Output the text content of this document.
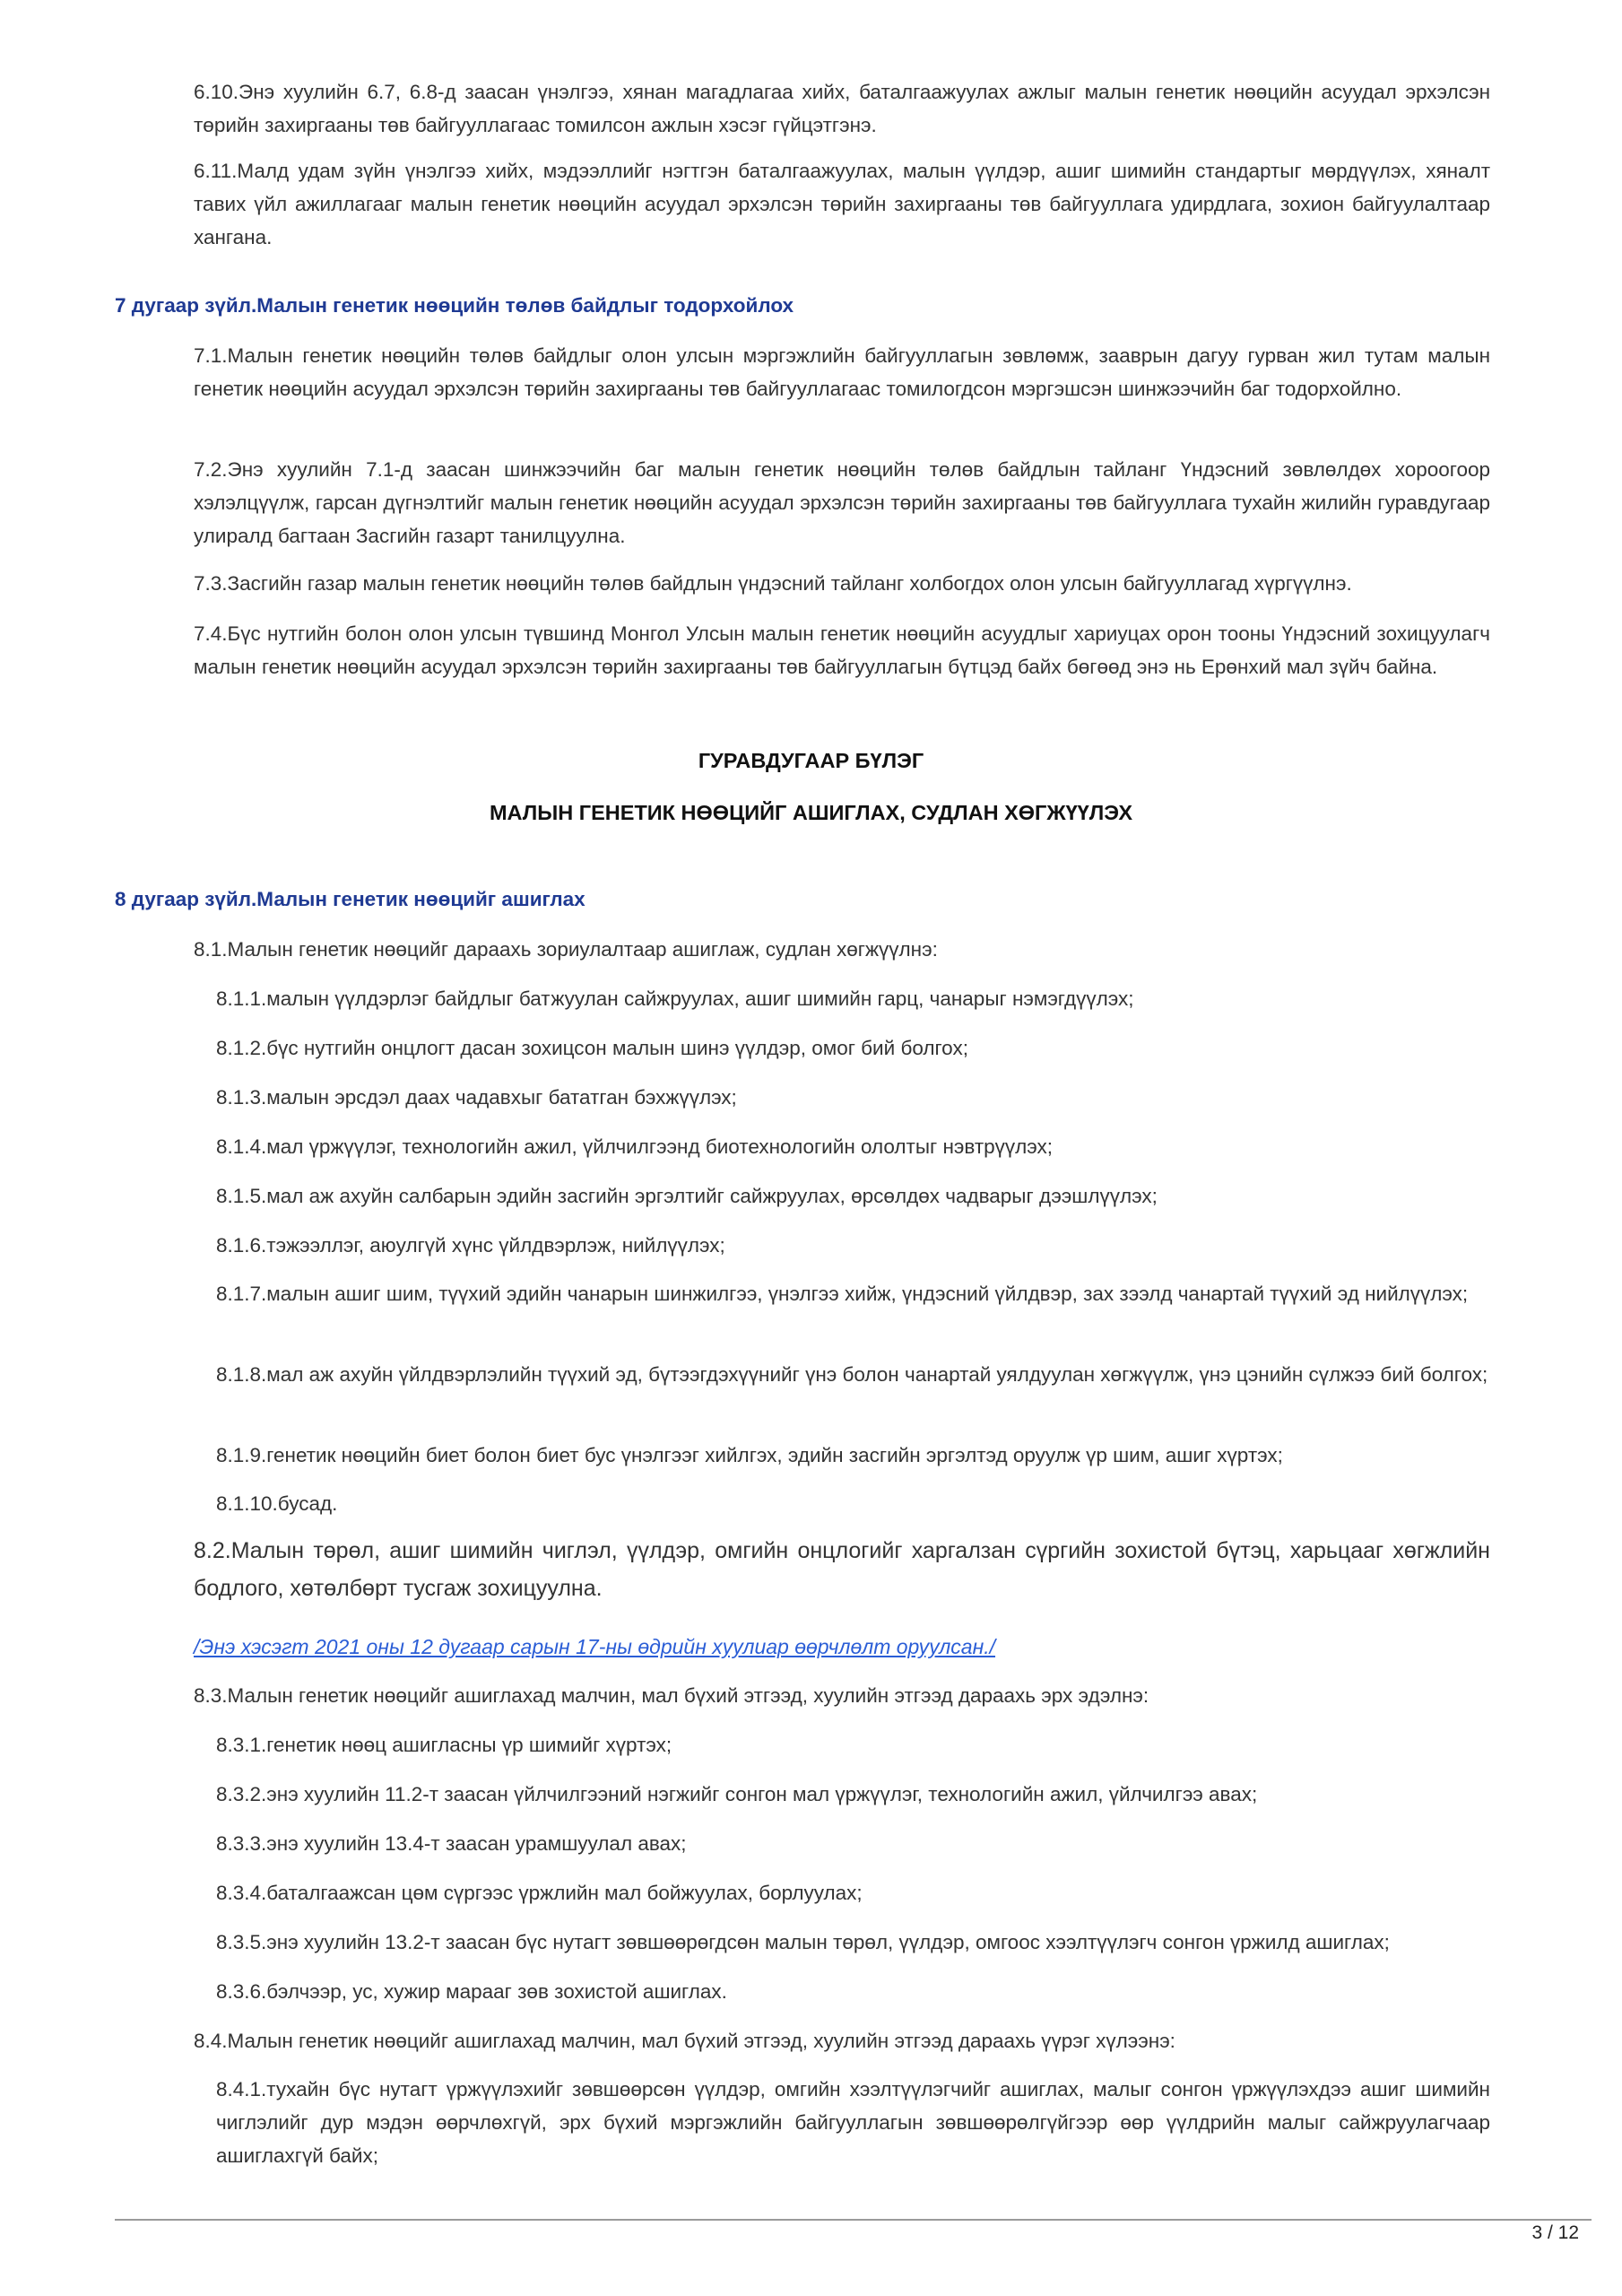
6.10.Энэ хуулийн 6.7, 6.8-д заасан үнэлгээ, хянан магадлагаа хийх, баталгаажуулах ажлыг малын генетик нөөцийн асуудал эрхэлсэн төрийн захиргааны төв байгууллагаас томилсон ажлын хэсэг гүйцэтгэнэ.

6.11.Малд удам зүйн үнэлгээ хийх, мэдээллийг нэгтгэн баталгаажуулах, малын үүлдэр, ашиг шимийн стандартыг мөрдүүлэх, хяналт тавих үйл ажиллагааг малын генетик нөөцийн асуудал эрхэлсэн төрийн захиргааны төв байгууллага удирдлага, зохион байгуулалтаар хангана.

7 дугаар зүйл.Малын генетик нөөцийн төлөв байдлыг тодорхойлох

7.1.Малын генетик нөөцийн төлөв байдлыг олон улсын мэргэжлийн байгууллагын зөвлөмж, зааврын дагуу гурван жил тутам малын генетик нөөцийн асуудал эрхэлсэн төрийн захиргааны төв байгууллагаас томилогдсон мэргэшсэн шинжээчийн баг тодорхойлно.

7.2.Энэ хуулийн 7.1-д заасан шинжээчийн баг малын генетик нөөцийн төлөв байдлын тайланг Үндэсний зөвлөлдөх хороогоор хэлэлцүүлж, гарсан дүгнэлтийг малын генетик нөөцийн асуудал эрхэлсэн төрийн захиргааны төв байгууллага тухайн жилийн гуравдугаар улиралд багтаан Засгийн газарт танилцуулна.

7.3.Засгийн газар малын генетик нөөцийн төлөв байдлын үндэсний тайланг холбогдох олон улсын байгууллагад хүргүүлнэ.

7.4.Бүс нутгийн болон олон улсын түвшинд Монгол Улсын малын генетик нөөцийн асуудлыг хариуцах орон тооны Үндэсний зохицуулагч малын генетик нөөцийн асуудал эрхэлсэн төрийн захиргааны төв байгууллагын бүтцэд байх бөгөөд энэ нь Ерөнхий мал зүйч байна.

ГУРАВДУГААР БҮЛЭГ
МАЛЫН ГЕНЕТИК НӨӨЦИЙГ АШИГЛАХ, СУДЛАН ХӨГЖҮҮЛЭХ
8 дугаар зүйл.Малын генетик нөөцийг ашиглах

8.1.Малын генетик нөөцийг дараахь зориулалтаар ашиглаж, судлан хөгжүүлнэ:

8.1.1.малын үүлдэрлэг байдлыг батжуулан сайжруулах, ашиг шимийн гарц, чанарыг нэмэгдүүлэх;

8.1.2.бүс нутгийн онцлогт дасан зохицсон малын шинэ үүлдэр, омог бий болгох;

8.1.3.малын эрсдэл даах чадавхыг бататган бэхжүүлэх;

8.1.4.мал үржүүлэг, технологийн ажил, үйлчилгээнд биотехнологийн ололтыг нэвтрүүлэх;

8.1.5.мал аж ахуйн салбарын эдийн засгийн эргэлтийг сайжруулах, өрсөлдөх чадварыг дээшлүүлэх;

8.1.6.тэжээллэг, аюулгүй хүнс үйлдвэрлэж, нийлүүлэх;

8.1.7.малын ашиг шим, түүхий эдийн чанарын шинжилгээ, үнэлгээ хийж, үндэсний үйлдвэр, зах зээлд чанартай түүхий эд нийлүүлэх;

8.1.8.мал аж ахуйн үйлдвэрлэлийн түүхий эд, бүтээгдэхүүнийг үнэ болон чанартай уялдуулан хөгжүүлж, үнэ цэнийн сүлжээ бий болгох;

8.1.9.генетик нөөцийн биет болон биет бус үнэлгээг хийлгэх, эдийн засгийн эргэлтэд оруулж үр шим, ашиг хүртэх;

8.1.10.бусад.

8.2.Малын төрөл, ашиг шимийн чиглэл, үүлдэр, омгийн онцлогийг харгалзан сүргийн зохистой бүтэц, харьцааг хөгжлийн бодлого, хөтөлбөрт тусгаж зохицуулна.

/Энэ хэсэгт 2021 оны 12 дугаар сарын 17-ны өдрийн хуулиар өөрчлөлт оруулсан./

8.3.Малын генетик нөөцийг ашиглахад малчин, мал бүхий этгээд, хуулийн этгээд дараахь эрх эдэлнэ:

8.3.1.генетик нөөц ашигласны үр шимийг хүртэх;

8.3.2.энэ хуулийн 11.2-т заасан үйлчилгээний нэгжийг сонгон мал үржүүлэг, технологийн ажил, үйлчилгээ авах;

8.3.3.энэ хуулийн 13.4-т заасан урамшуулал авах;

8.3.4.баталгаажсан цөм сүргээс үржлийн мал бойжуулах, борлуулах;

8.3.5.энэ хуулийн 13.2-т заасан бүс нутагт зөвшөөрөгдсөн малын төрөл, үүлдэр, омгоос хээлтүүлэгч сонгон үржилд ашиглах;

8.3.6.бэлчээр, ус, хужир марааг зөв зохистой ашиглах.

8.4.Малын генетик нөөцийг ашиглахад малчин, мал бүхий этгээд, хуулийн этгээд дараахь үүрэг хүлээнэ:

8.4.1.тухайн бүс нутагт үржүүлэхийг зөвшөөрсөн үүлдэр, омгийн хээлтүүлэгчийг ашиглах, малыг сонгон үржүүлэхдээ ашиг шимийн чиглэлийг дур мэдэн өөрчлөхгүй, эрх бүхий мэргэжлийн байгууллагын зөвшөөрөлгүйгээр өөр үүлдрийн малыг сайжруулагчаар ашиглахгүй байх;

3 / 12
